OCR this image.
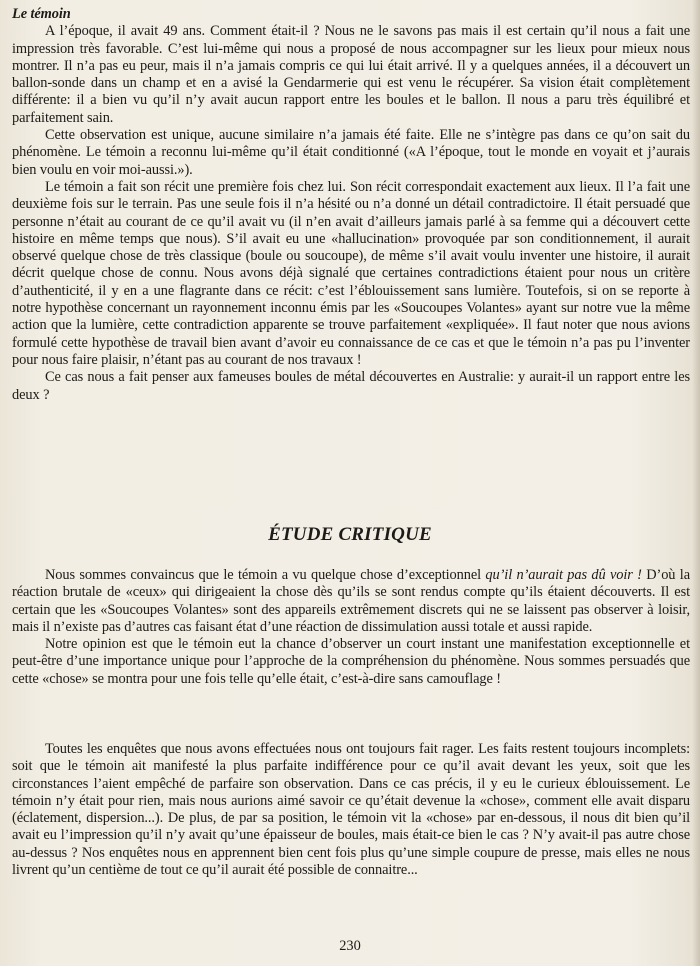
Le témoin

A l’époque, il avait 49 ans. Comment était-il ? Nous ne le savons pas mais il est certain qu’il nous a fait une impression très favorable. C’est lui-même qui nous a proposé de nous accompagner sur les lieux pour mieux nous montrer. Il n’a pas eu peur, mais il n’a jamais compris ce qui lui était arrivé. Il y a quelques années, il a découvert un ballon-sonde dans un champ et en a avisé la Gendarmerie qui est venu le récupérer. Sa vision était complètement différente: il a bien vu qu’il n’y avait aucun rapport entre les boules et le ballon. Il nous a paru très équilibré et parfaitement sain.

Cette observation est unique, aucune similaire n’a jamais été faite. Elle ne s’intègre pas dans ce qu’on sait du phénomène. Le témoin a reconnu lui-même qu’il était conditionné («A l’époque, tout le monde en voyait et j’aurais bien voulu en voir moi-aussi.»).

Le témoin a fait son récit une première fois chez lui. Son récit correspondait exactement aux lieux. Il l’a fait une deuxième fois sur le terrain. Pas une seule fois il n’a hésité ou n’a donné un détail contradictoire. Il était persuadé que personne n’était au courant de ce qu’il avait vu (il n’en avait d’ailleurs jamais parlé à sa femme qui a découvert cette histoire en même temps que nous). S’il avait eu une «hallucination» provoquée par son conditionnement, il aurait observé quelque chose de très classique (boule ou soucoupe), de même s’il avait voulu inventer une histoire, il aurait décrit quelque chose de connu. Nous avons déjà signalé que certaines contradictions étaient pour nous un critère d’authenticité, il y en a une flagrante dans ce récit: c’est l’éblouissement sans lumière. Toutefois, si on se reporte à notre hypothèse concernant un rayonnement inconnu émis par les «Soucoupes Volantes» ayant sur notre vue la même action que la lumière, cette contradiction apparente se trouve parfaitement «expliquée». Il faut noter que nous avions formulé cette hypothèse de travail bien avant d’avoir eu connaissance de ce cas et que le témoin n’a pas pu l’inventer pour nous faire plaisir, n’étant pas au courant de nos travaux !

Ce cas nous a fait penser aux fameuses boules de métal découvertes en Australie: y aurait-il un rapport entre les deux ?

ÉTUDE CRITIQUE

Nous sommes convaincus que le témoin a vu quelque chose d’exceptionnel qu’il n’aurait pas dû voir ! D’où la réaction brutale de «ceux» qui dirigeaient la chose dès qu’ils se sont rendus compte qu’ils étaient découverts. Il est certain que les «Soucoupes Volantes» sont des appareils extrêmement discrets qui ne se laissent pas observer à loisir, mais il n’existe pas d’autres cas faisant état d’une réaction de dissimulation aussi totale et aussi rapide.

Notre opinion est que le témoin eut la chance d’observer un court instant une manifestation exceptionnelle et peut-être d’une importance unique pour l’approche de la compréhension du phénomène. Nous sommes persuadés que cette «chose» se montra pour une fois telle qu’elle était, c’est-à-dire sans camouflage !

Toutes les enquêtes que nous avons effectuées nous ont toujours fait rager. Les faits restent toujours incomplets: soit que le témoin ait manifesté la plus parfaite indifférence pour ce qu’il avait devant les yeux, soit que les circonstances l’aient empêché de parfaire son observation. Dans ce cas précis, il y eu le curieux éblouissement. Le témoin n’y était pour rien, mais nous aurions aimé savoir ce qu’était devenue la «chose», comment elle avait disparu (éclatement, dispersion...). De plus, de par sa position, le témoin vit la «chose» par en-dessous, il nous dit bien qu’il avait eu l’impression qu’il n’y avait qu’une épaisseur de boules, mais était-ce bien le cas ? N’y avait-il pas autre chose au-dessus ? Nos enquêtes nous en apprennent bien cent fois plus qu’une simple coupure de presse, mais elles ne nous livrent qu’un centième de tout ce qu’il aurait été possible de connaitre...

230
